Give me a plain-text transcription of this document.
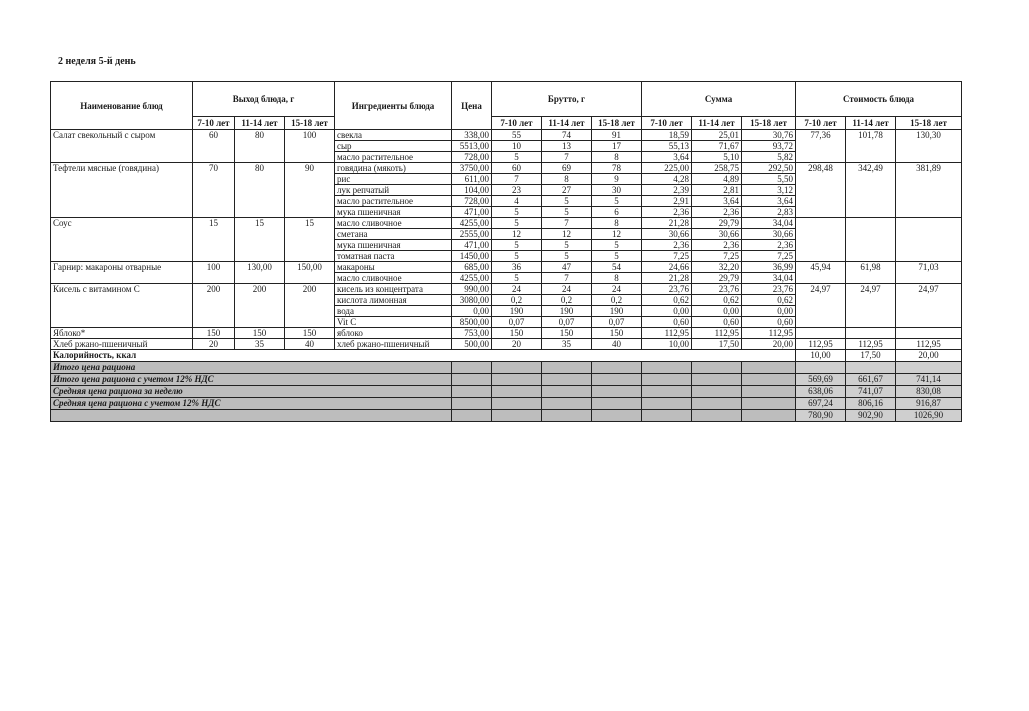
2 неделя 5-й день
Наименование блюд	Выход блюда, г			Ингредиенты блюда	Цена	Брутто, г			Сумма			Стоимость блюда		
	7-10 лет	11-14 лет	15-18 лет			7-10 лет	11-14 лет	15-18 лет	7-10 лет	11-14 лет	15-18 лет	7-10 лет	11-14 лет	15-18 лет
Салат свекольный с сыром	60	80	100	свекла	338,00	55	74	91	18,59	25,01	30,76	77,36	101,78	130,30
				сыр	5513,00	10	13	17	55,13	71,67	93,72			
				масло растительное	728,00	5	7	8	3,64	5,10	5,82			
Тефтели мясные (говядина)	70	80	90	говядина (мякоть)	3750,00	60	69	78	225,00	258,75	292,50	298,48	342,49	381,89
				рис	611,00	7	8	9	4,28	4,89	5,50			
				лук репчатый	104,00	23	27	30	2,39	2,81	3,12			
				масло растительное	728,00	4	5	5	2,91	3,64	3,64			
				мука пшеничная	471,00	5	5	6	2,36	2,36	2,83			
Соус	15	15	15	масло сливочное	4255,00	5	7	8	21,28	29,79	34,04			
				сметана	2555,00	12	12	12	30,66	30,66	30,66			
				мука пшеничная	471,00	5	5	5	2,36	2,36	2,36			
				томатная паста	1450,00	5	5	5	7,25	7,25	7,25			
Гарнир: макароны отварные	100	130,00	150,00	макароны	685,00	36	47	54	24,66	32,20	36,99	45,94	61,98	71,03
				масло сливочное	4255,00	5	7	8	21,28	29,79	34,04			
Кисель с витамином С	200	200	200	кисель из концентрата	990,00	24	24	24	23,76	23,76	23,76	24,97	24,97	24,97
				кислота лимонная	3080,00	0,2	0,2	0,2	0,62	0,62	0,62			
				вода	0,00	190	190	190	0,00	0,00	0,00			
				Vit C	8500,00	0,07	0,07	0,07	0,60	0,60	0,60			
Яблоко*	150	150	150	яблоко	753,00	150	150	150	112,95	112,95	112,95			
Хлеб ржано-пшеничный	20	35	40	хлеб ржано-пшеничный	500,00	20	35	40	10,00	17,50	20,00	112,95	112,95	112,95
Калорийность, ккал												10,00	17,50	20,00
Итого цена рациона														
Итого цена рациона с учетом 12% НДС												569,69	661,67	741,14
Средняя цена рациона за неделю												638,06	741,07	830,08
Средняя цена рациона с учетом 12% НДС												697,24	806,16	916,87
												780,90	902,90	1026,90
